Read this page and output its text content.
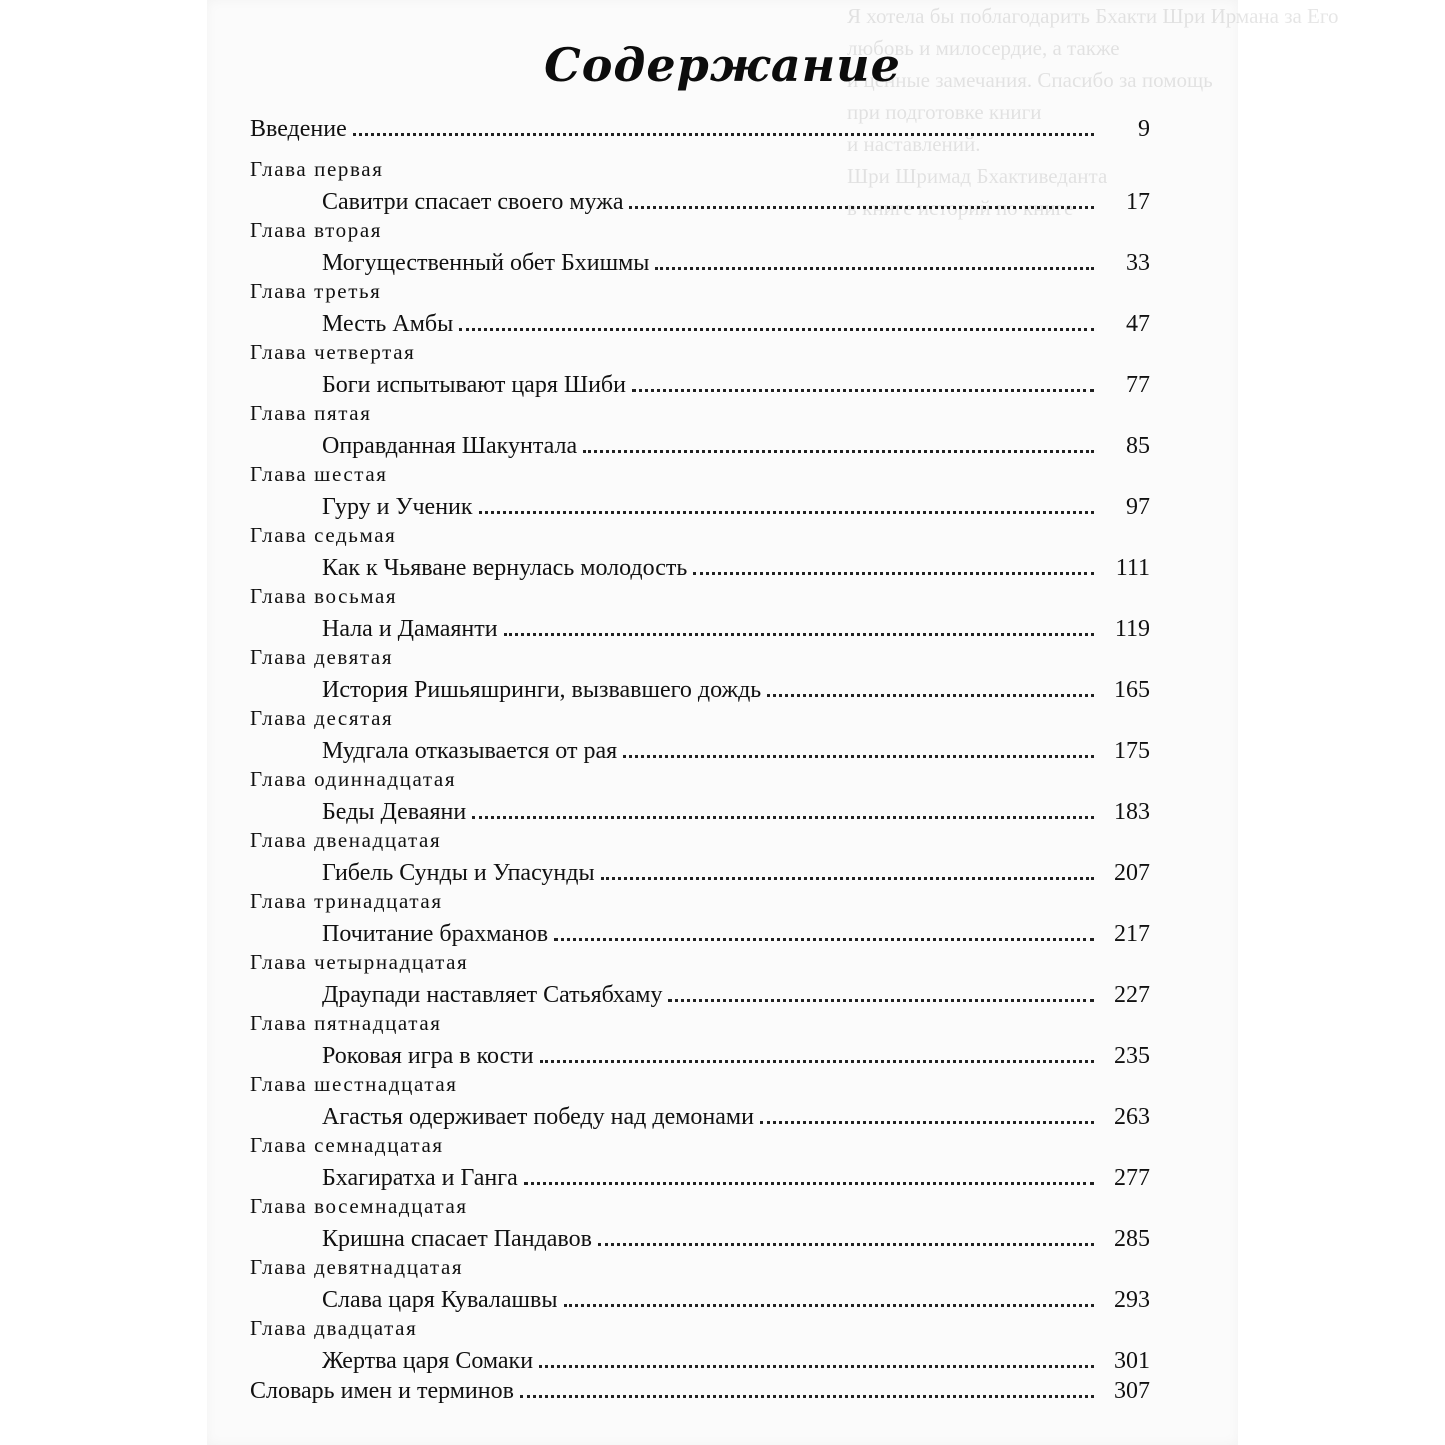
Я хотела бы поблагодарить Бхакти Шри Ирмана за Его
любовь и милосердие, а также
и ценные замечания. Спасибо за помощь
при подготовке книги
и наставлений.
Шри Шримад Бхактиведанта
в книге историй по книге
Содержание
Введение	9
Глава первая
Савитри спасает своего мужа	17
Глава вторая
Могущественный обет Бхишмы	33
Глава третья
Месть Амбы	47
Глава четвертая
Боги испытывают царя Шиби	77
Глава пятая
Оправданная Шакунтала	85
Глава шестая
Гуру и Ученик	97
Глава седьмая
Как к Чьяване вернулась молодость	111
Глава восьмая
Нала и Дамаянти	119
Глава девятая
История Ришьяшринги, вызвавшего дождь	165
Глава десятая
Мудгала отказывается от рая	175
Глава одиннадцатая
Беды Деваяни	183
Глава двенадцатая
Гибель Сунды и Упасунды	207
Глава тринадцатая
Почитание брахманов	217
Глава четырнадцатая
Драупади наставляет Сатьябхаму	227
Глава пятнадцатая
Роковая игра в кости	235
Глава шестнадцатая
Агастья одерживает победу над демонами	263
Глава семнадцатая
Бхагиратха и Ганга	277
Глава восемнадцатая
Кришна спасает Пандавов	285
Глава девятнадцатая
Слава царя Кувалашвы	293
Глава двадцатая
Жертва царя Сомаки	301
Словарь имен и терминов	307
